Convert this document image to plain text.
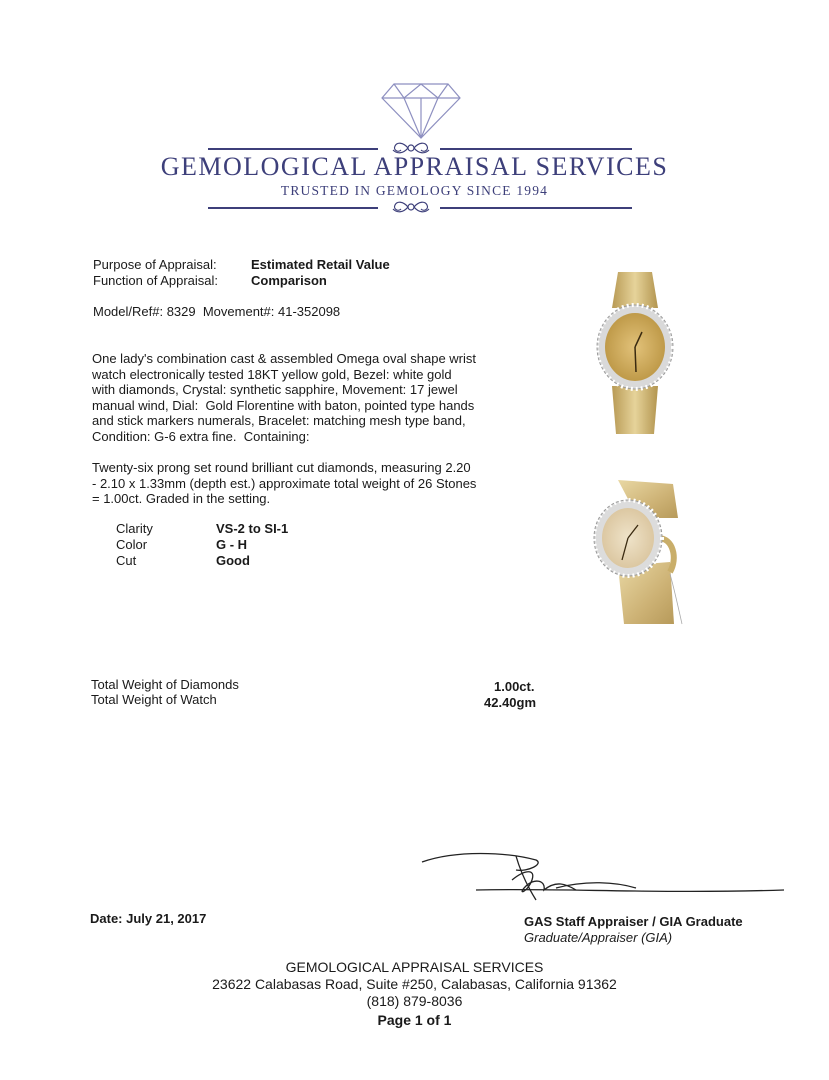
GEMOLOGICAL APPRAISAL SERVICES
TRUSTED IN GEMOLOGY SINCE 1994
Purpose of Appraisal:	Estimated Retail Value
Function of Appraisal:	Comparison
Model/Ref#: 8329  Movement#: 41-352098
One lady's combination cast & assembled Omega oval shape wrist
watch electronically tested 18KT yellow gold, Bezel: white gold
with diamonds, Crystal: synthetic sapphire, Movement: 17 jewel
manual wind, Dial:  Gold Florentine with baton, pointed type hands
and stick markers numerals, Bracelet: matching mesh type band,
Condition: G-6 extra fine.  Containing:
Twenty-six prong set round brilliant cut diamonds, measuring 2.20
- 2.10 x 1.33mm (depth est.) approximate total weight of 26 Stones
= 1.00ct. Graded in the setting.
Clarity	VS-2 to SI-1
Color	G - H
Cut	Good
Total Weight of Diamonds	1.00ct.
Total Weight of Watch	42.40gm
Date: July 21, 2017	GAS Staff Appraiser / GIA Graduate
Graduate/Appraiser (GIA)
GEMOLOGICAL APPRAISAL SERVICES
23622 Calabasas Road, Suite #250, Calabasas, California 91362
(818) 879-8036
Page 1 of 1
